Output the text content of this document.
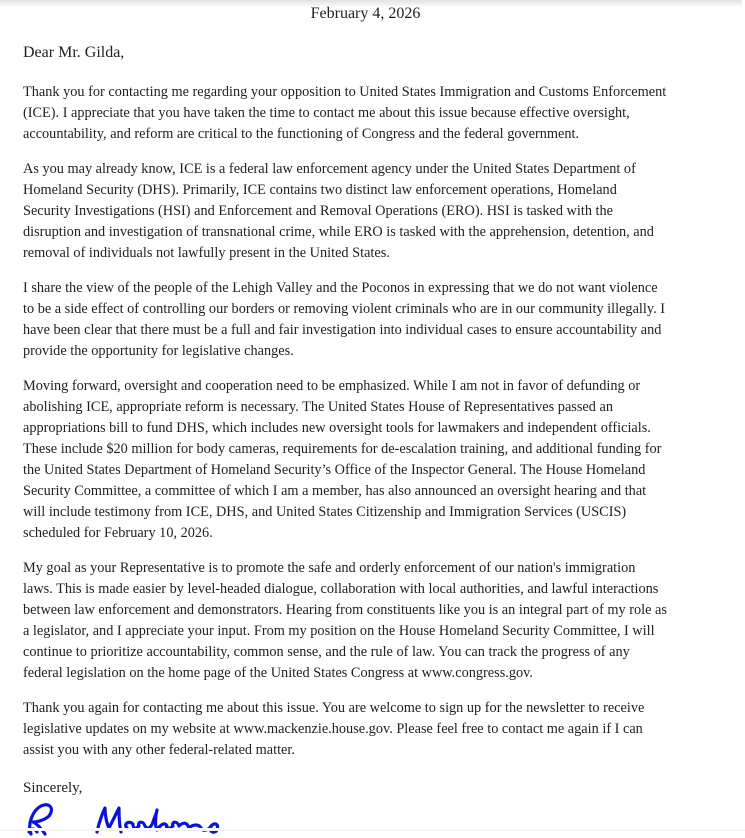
February 4, 2026
Dear Mr. Gilda,

Thank you for contacting me regarding your opposition to United States Immigration and Customs Enforcement (ICE). I appreciate that you have taken the time to contact me about this issue because effective oversight, accountability, and reform are critical to the functioning of Congress and the federal government.

As you may already know, ICE is a federal law enforcement agency under the United States Department of Homeland Security (DHS). Primarily, ICE contains two distinct law enforcement operations, Homeland Security Investigations (HSI) and Enforcement and Removal Operations (ERO). HSI is tasked with the disruption and investigation of transnational crime, while ERO is tasked with the apprehension, detention, and removal of individuals not lawfully present in the United States.

I share the view of the people of the Lehigh Valley and the Poconos in expressing that we do not want violence to be a side effect of controlling our borders or removing violent criminals who are in our community illegally. I have been clear that there must be a full and fair investigation into individual cases to ensure accountability and provide the opportunity for legislative changes.

Moving forward, oversight and cooperation need to be emphasized. While I am not in favor of defunding or abolishing ICE, appropriate reform is necessary. The United States House of Representatives passed an appropriations bill to fund DHS, which includes new oversight tools for lawmakers and independent officials. These include $20 million for body cameras, requirements for de-escalation training, and additional funding for the United States Department of Homeland Security’s Office of the Inspector General. The House Homeland Security Committee, a committee of which I am a member, has also announced an oversight hearing and that will include testimony from ICE, DHS, and United States Citizenship and Immigration Services (USCIS) scheduled for February 10, 2026.

My goal as your Representative is to promote the safe and orderly enforcement of our nation's immigration laws. This is made easier by level-headed dialogue, collaboration with local authorities, and lawful interactions between law enforcement and demonstrators. Hearing from constituents like you is an integral part of my role as a legislator, and I appreciate your input. From my position on the House Homeland Security Committee, I will continue to prioritize accountability, common sense, and the rule of law. You can track the progress of any federal legislation on the home page of the United States Congress at www.congress.gov.

Thank you again for contacting me about this issue. You are welcome to sign up for the newsletter to receive legislative updates on my website at www.mackenzie.house.gov. Please feel free to contact me again if I can assist you with any other federal-related matter.

Sincerely,
